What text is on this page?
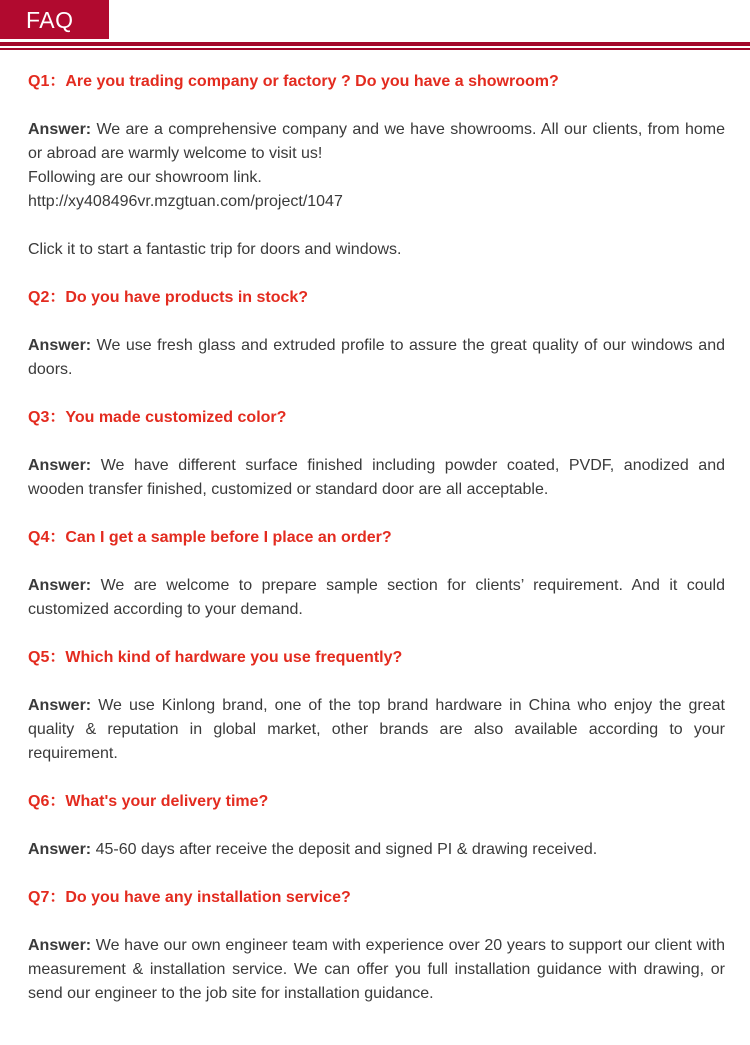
FAQ

Q1：Are you trading company or factory ? Do you have a showroom?

Answer: We are a comprehensive company and we have showrooms. All our clients, from home or abroad are warmly welcome to visit us!
Following are our showroom link.
http://xy408496vr.mzgtuan.com/project/1047

Click it to start a fantastic trip for doors and windows.

Q2：Do you have products in stock?

Answer: We use fresh glass and extruded profile to assure the great quality of our windows and doors.

Q3：You made customized color?

Answer: We have different surface finished including powder coated, PVDF, anodized and wooden transfer finished, customized or standard door are all acceptable.

Q4：Can I get a sample before I place an order?

Answer: We are welcome to prepare sample section for clients’ requirement. And it could customized according to your demand.

Q5：Which kind of hardware you use frequently?

Answer: We use Kinlong brand, one of the top brand hardware in China who enjoy the great quality & reputation in global market, other brands are also available according to your requirement.

Q6：What's your delivery time?

Answer: 45-60 days after receive the deposit and signed PI & drawing received.

Q7：Do you have any installation service?

Answer: We have our own engineer team with experience over 20 years to support our client with measurement & installation service. We can offer you full installation guidance with drawing, or send our engineer to the job site for installation guidance.
